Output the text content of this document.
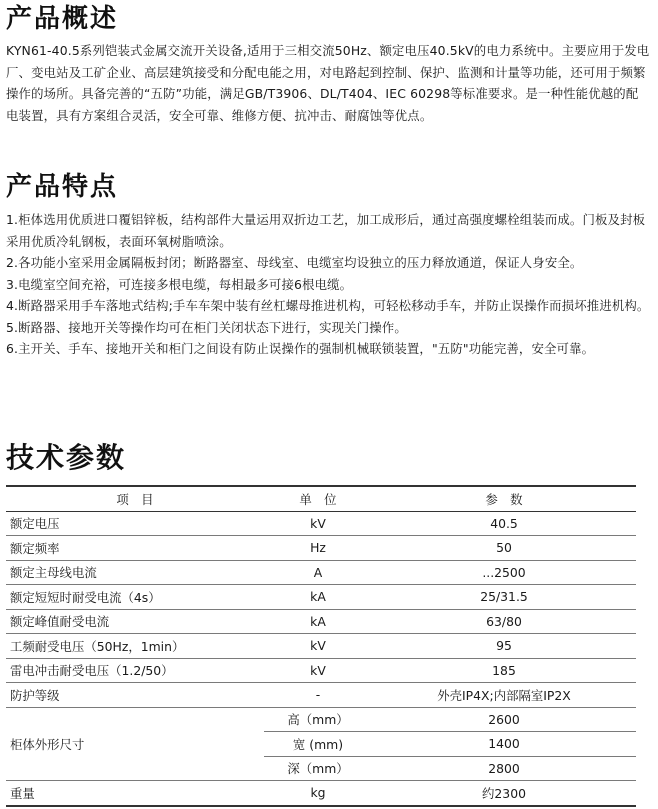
产品概述

KYN61-40.5系列铠装式金属交流开关设备,适用于三相交流50Hz、额定电压40.5kV的电力系统中。主要应用于发电厂、变电站及工矿企业、高层建筑接受和分配电能之用，对电路起到控制、保护、监测和计量等功能，还可用于频繁操作的场所。具备完善的“五防”功能，满足GB/T3906、DL/T404、IEC 60298等标准要求。是一种性能优越的配电装置，具有方案组合灵活，安全可靠、维修方便、抗冲击、耐腐蚀等优点。

产品特点

1.柜体选用优质进口覆铝锌板，结构部件大量运用双折边工艺，加工成形后，通过高强度螺栓组装而成。门板及封板采用优质冷轧钢板，表面环氧树脂喷涂。

2.各功能小室采用金属隔板封闭；断路器室、母线室、电缆室均设独立的压力释放通道，保证人身安全。

3.电缆室空间充裕，可连接多根电缆，每相最多可接6根电缆。

4.断路器采用手车落地式结构;手车车架中装有丝杠螺母推进机构，可轻松移动手车，并防止误操作而损坏推进机构。

5.断路器、接地开关等操作均可在柜门关闭状态下进行，实现关门操作。

6.主开关、手车、接地开关和柜门之间设有防止误操作的强制机械联锁装置，"五防"功能完善，安全可靠。

技术参数
项　目	单　位	参　数
额定电压	kV	40.5
额定频率	Hz	50
额定主母线电流	A	...2500
额定短短时耐受电流（4s）	kA	25/31.5
额定峰值耐受电流	kA	63/80
工频耐受电压（50Hz，1min）	kV	95
雷电冲击耐受电压（1.2/50）	kV	185
防护等级	-	外壳IP4X;内部隔室IP2X
柜体外形尺寸	高（mm）	2600
	宽 (mm)	1400
	深（mm）	2800
重量	kg	约2300
